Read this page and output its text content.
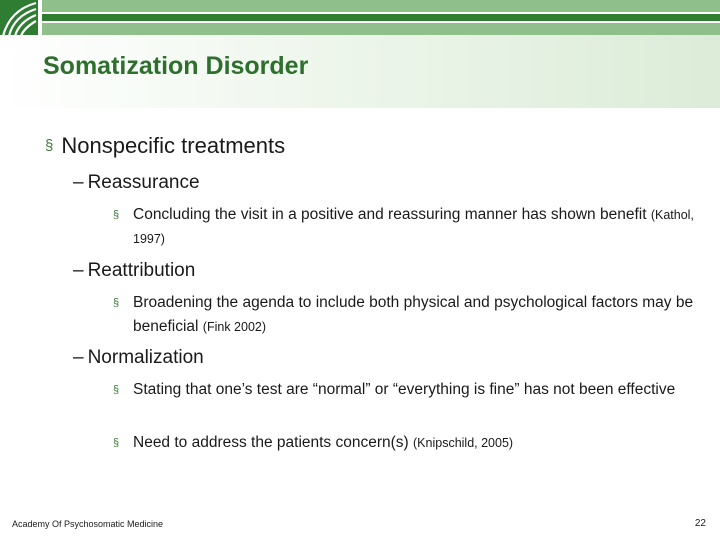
Somatization Disorder
§ Nonspecific treatments
– Reassurance
§ Concluding the visit in a positive and reassuring manner has shown benefit (Kathol, 1997)
– Reattribution
§ Broadening the agenda to include both physical and psychological factors may be beneficial (Fink 2002)
– Normalization
§ Stating that one’s test are “normal” or “everything is fine” has not been effective
§ Need to address the patients concern(s) (Knipschild, 2005)
Academy Of Psychosomatic Medicine	22
